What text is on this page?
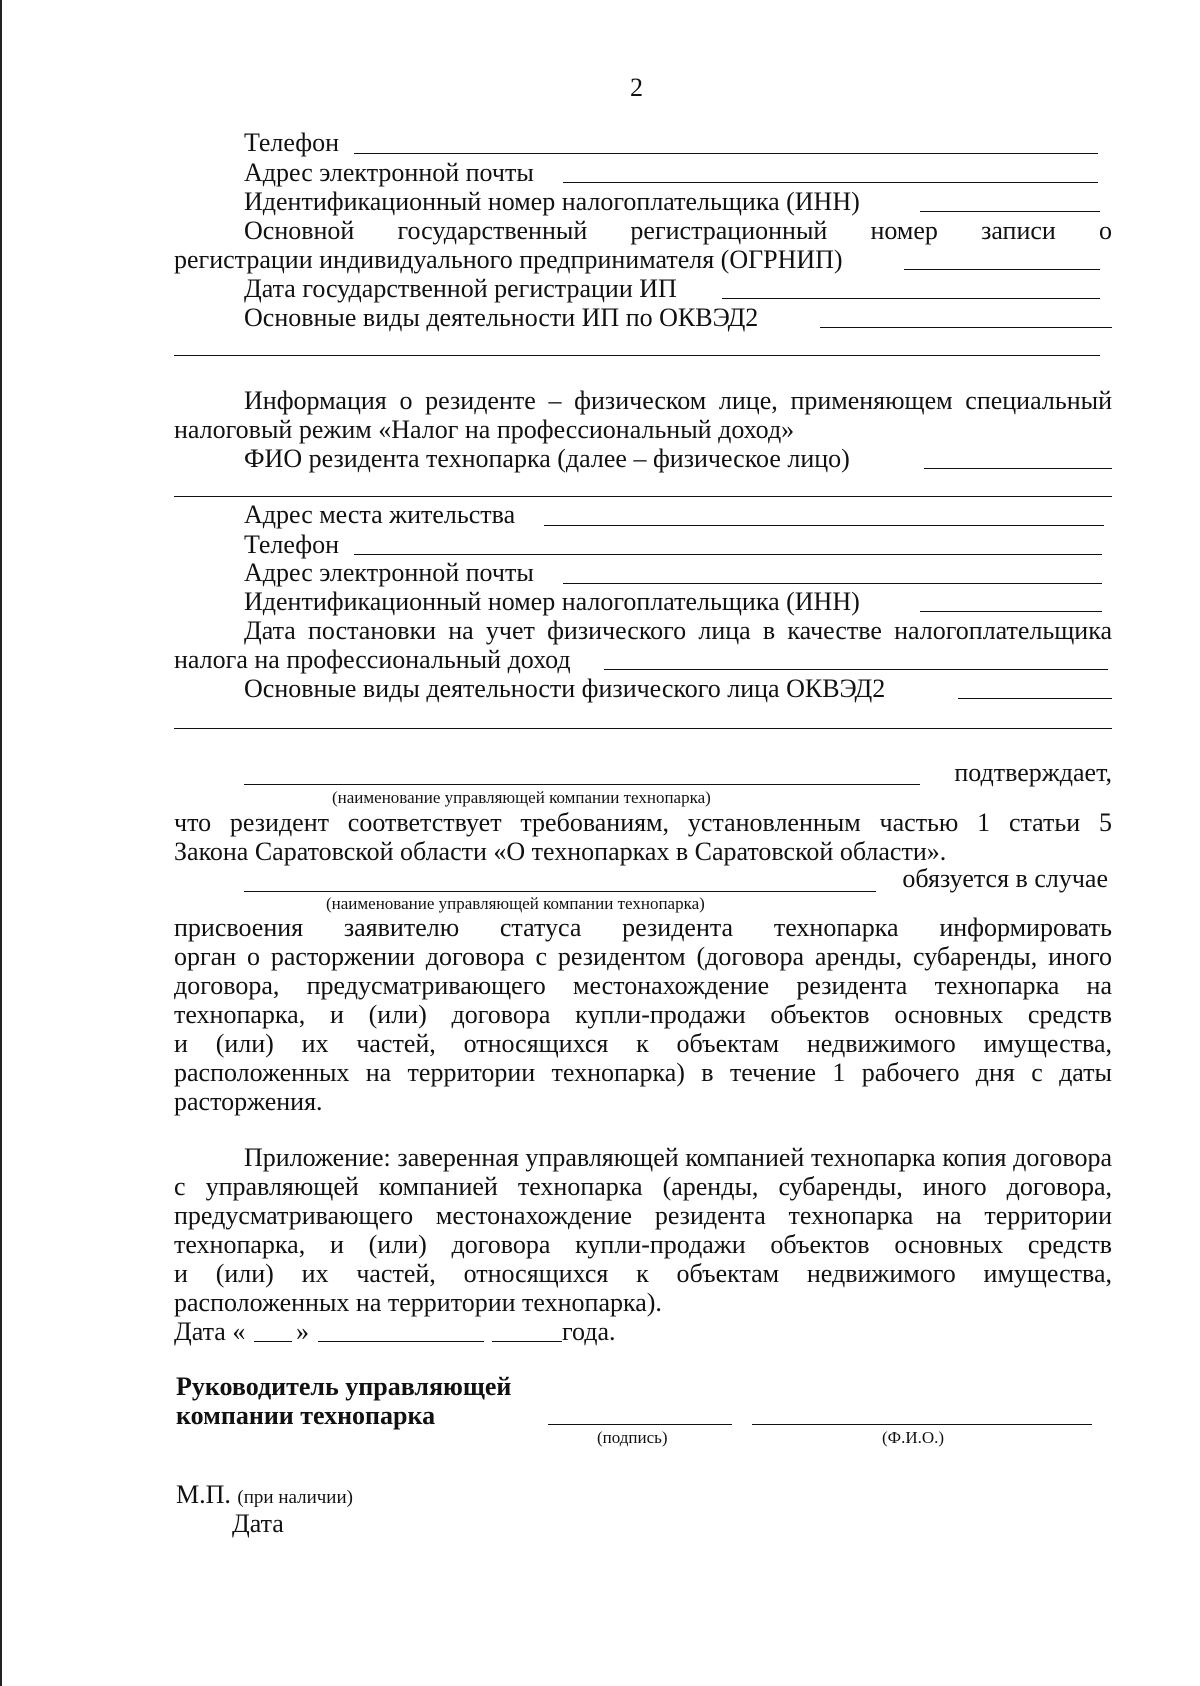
2
Телефон
Адрес электронной почты
Идентификационный номер налогоплательщика (ИНН)
Основной государственный регистрационный номер записи о
регистрации индивидуального предпринимателя (ОГРНИП)
Дата государственной регистрации ИП
Основные виды деятельности ИП по ОКВЭД2
Информация о резиденте – физическом лице, применяющем специальный
налоговый режим «Налог на профессиональный доход»
ФИО резидента технопарка (далее – физическое лицо)
Адрес места жительства
Телефон
Адрес электронной почты
Идентификационный номер налогоплательщика (ИНН)
Дата постановки на учет физического лица в качестве налогоплательщика
налога на профессиональный доход
Основные виды деятельности физического лица ОКВЭД2
подтверждает,
(наименование управляющей компании технопарка)
что резидент соответствует требованиям, установленным частью 1 статьи 5
Закона Саратовской области «О технопарках в Саратовской области».
обязуется в случае
(наименование управляющей компании технопарка)
присвоения заявителю статуса резидента технопарка информировать
орган о расторжении договора с резидентом (договора аренды, субаренды, иного
договора, предусматривающего местонахождение резидента технопарка на
технопарка, и (или) договора купли-продажи объектов основных средств
и (или) их частей, относящихся к объектам недвижимого имущества,
расположенных на территории технопарка) в течение 1 рабочего дня с даты
расторжения.
Приложение: заверенная управляющей компанией технопарка копия договора
с управляющей компанией технопарка (аренды, субаренды, иного договора,
предусматривающего местонахождение резидента технопарка на территории
технопарка, и (или) договора купли-продажи объектов основных средств
и (или) их частей, относящихся к объектам недвижимого имущества,
расположенных на территории технопарка).
Дата « »	года.
Руководитель управляющей
компании технопарка
(подпись)	(Ф.И.О.)
М.П. (при наличии)
Дата
